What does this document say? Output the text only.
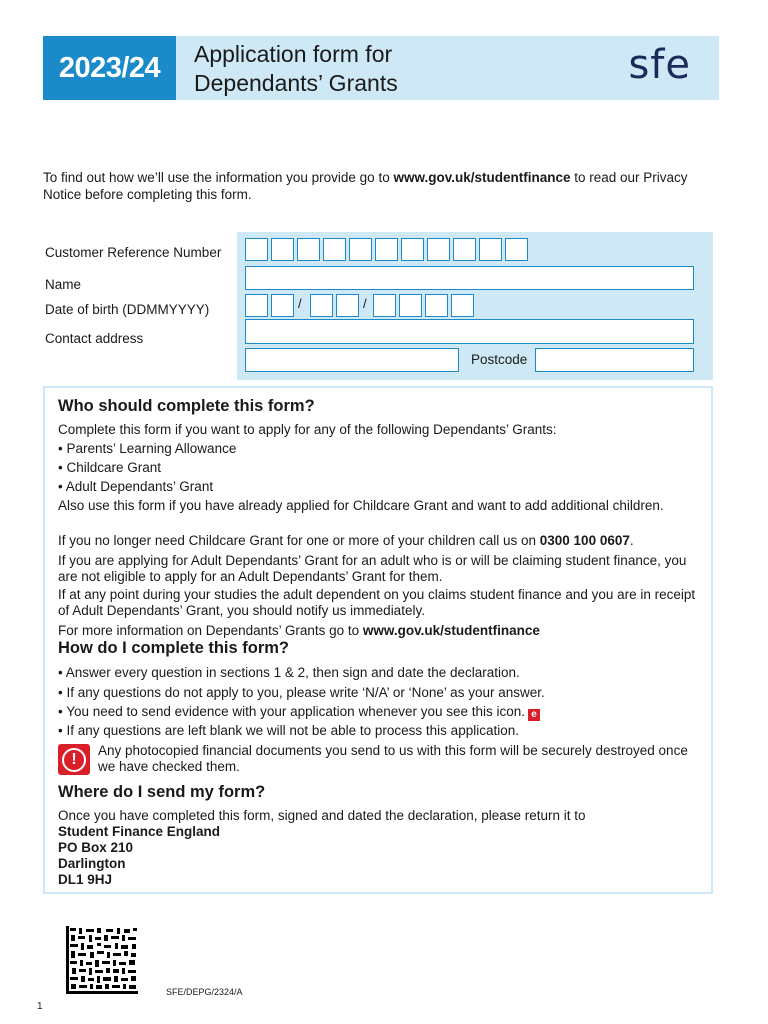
2023/24	Application form for
Dependants’ Grants	sfe
To find out how we’ll use the information you provide go to www.gov.uk/studentfinance to read our Privacy Notice before completing this form.
Customer Reference Number
Name
Date of birth (DDMMYYYY)
Contact address
/	/
Postcode
Who should complete this form?

Complete this form if you want to apply for any of the following Dependants’ Grants:

• Parents’ Learning Allowance
• Childcare Grant
• Adult Dependants’ Grant

Also use this form if you have already applied for Childcare Grant and want to add additional children.

If you no longer need Childcare Grant for one or more of your children call us on 0300 100 0607.

If you are applying for Adult Dependants’ Grant for an adult who is or will be claiming student finance, you are not eligible to apply for an Adult Dependants’ Grant for them.

If at any point during your studies the adult dependent on you claims student finance and you are in receipt of Adult Dependants’ Grant, you should notify us immediately.

For more information on Dependants’ Grants go to www.gov.uk/studentfinance

How do I complete this form?
• Answer every question in sections 1 & 2, then sign and date the declaration.
• If any questions do not apply to you, please write ‘N/A’ or ‘None’ as your answer.
• You need to send evidence with your application whenever you see this icon. e
• If any questions are left blank we will not be able to process this application.
!	Any photocopied financial documents you send to us with this form will be securely destroyed once we have checked them.

Where do I send my form?

Once you have completed this form, signed and dated the declaration, please return it to

Student Finance England

PO Box 210

Darlington

DL1 9HJ

SFE/DEPG/2324/A
1
